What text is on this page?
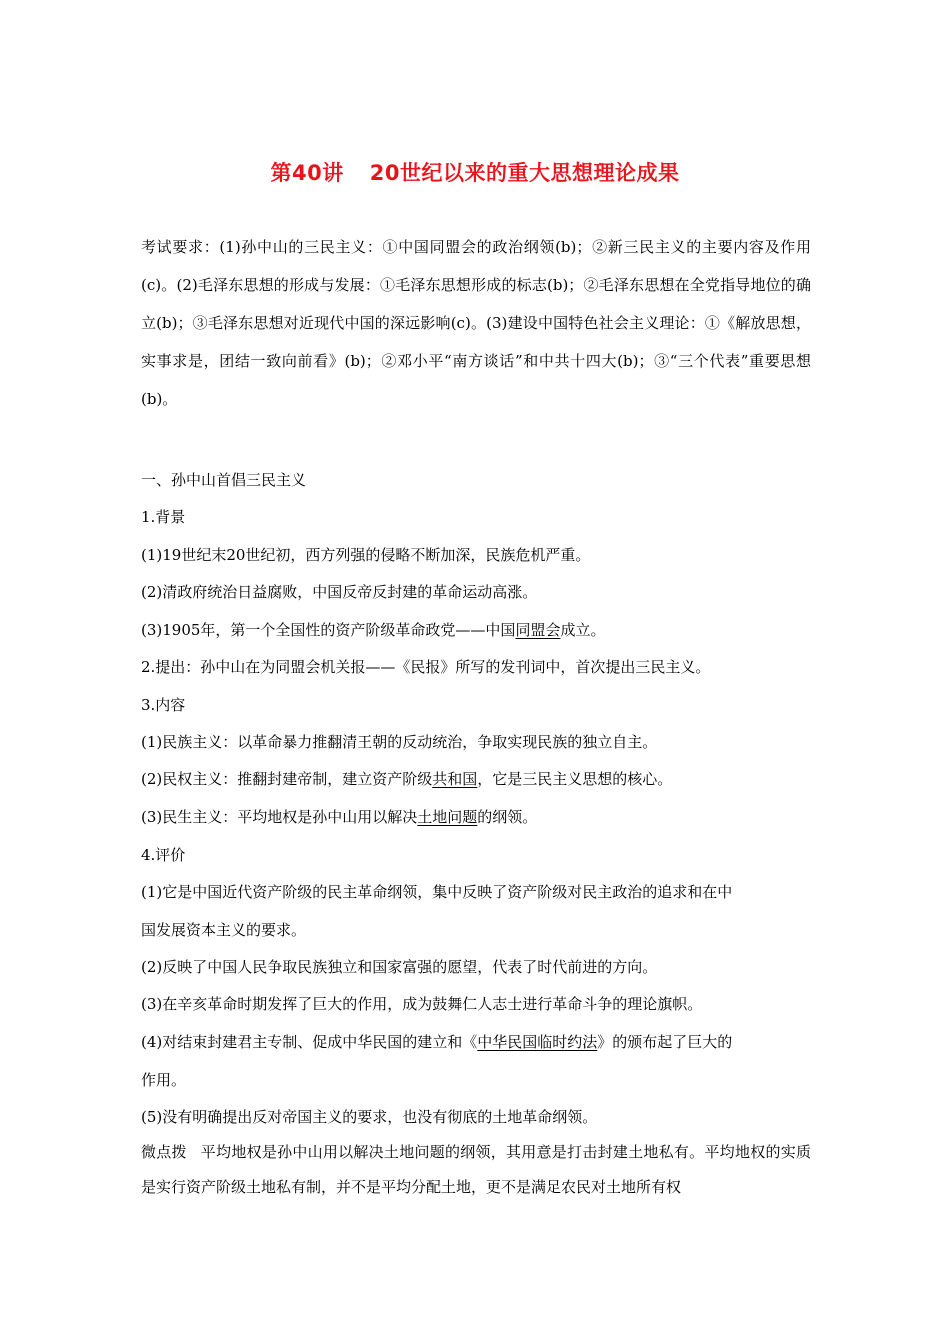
第40讲 20世纪以来的重大思想理论成果
考试要求：(1)孙中山的三民主义：①中国同盟会的政治纲领(b)；②新三民主义的主要内容及作用(c)。(2)毛泽东思想的形成与发展：①毛泽东思想形成的标志(b)；②毛泽东思想在全党指导地位的确立(b)；③毛泽东思想对近现代中国的深远影响(c)。(3)建设中国特色社会主义理论：①《解放思想，实事求是，团结一致向前看》(b)；②邓小平“南方谈话”和中共十四大(b)；③“三个代表”重要思想(b)。
一、孙中山首倡三民主义
1.背景
(1)19世纪末20世纪初，西方列强的侵略不断加深，民族危机严重。
(2)清政府统治日益腐败，中国反帝反封建的革命运动高涨。
(3)1905年，第一个全国性的资产阶级革命政党——中国同盟会成立。
2.提出：孙中山在为同盟会机关报——《民报》所写的发刊词中，首次提出三民主义。
3.内容
(1)民族主义：以革命暴力推翻清王朝的反动统治，争取实现民族的独立自主。
(2)民权主义：推翻封建帝制，建立资产阶级共和国，它是三民主义思想的核心。
(3)民生主义：平均地权是孙中山用以解决土地问题的纲领。
4.评价
(1)它是中国近代资产阶级的民主革命纲领，集中反映了资产阶级对民主政治的追求和在中
国发展资本主义的要求。
(2)反映了中国人民争取民族独立和国家富强的愿望，代表了时代前进的方向。
(3)在辛亥革命时期发挥了巨大的作用，成为鼓舞仁人志士进行革命斗争的理论旗帜。
(4)对结束封建君主专制、促成中华民国的建立和《中华民国临时约法》的颁布起了巨大的
作用。
(5)没有明确提出反对帝国主义的要求，也没有彻底的土地革命纲领。
微点拨 平均地权是孙中山用以解决土地问题的纲领，其用意是打击封建土地私有。平均地权的实质是实行资产阶级土地私有制，并不是平均分配土地，更不是满足农民对土地所有权
